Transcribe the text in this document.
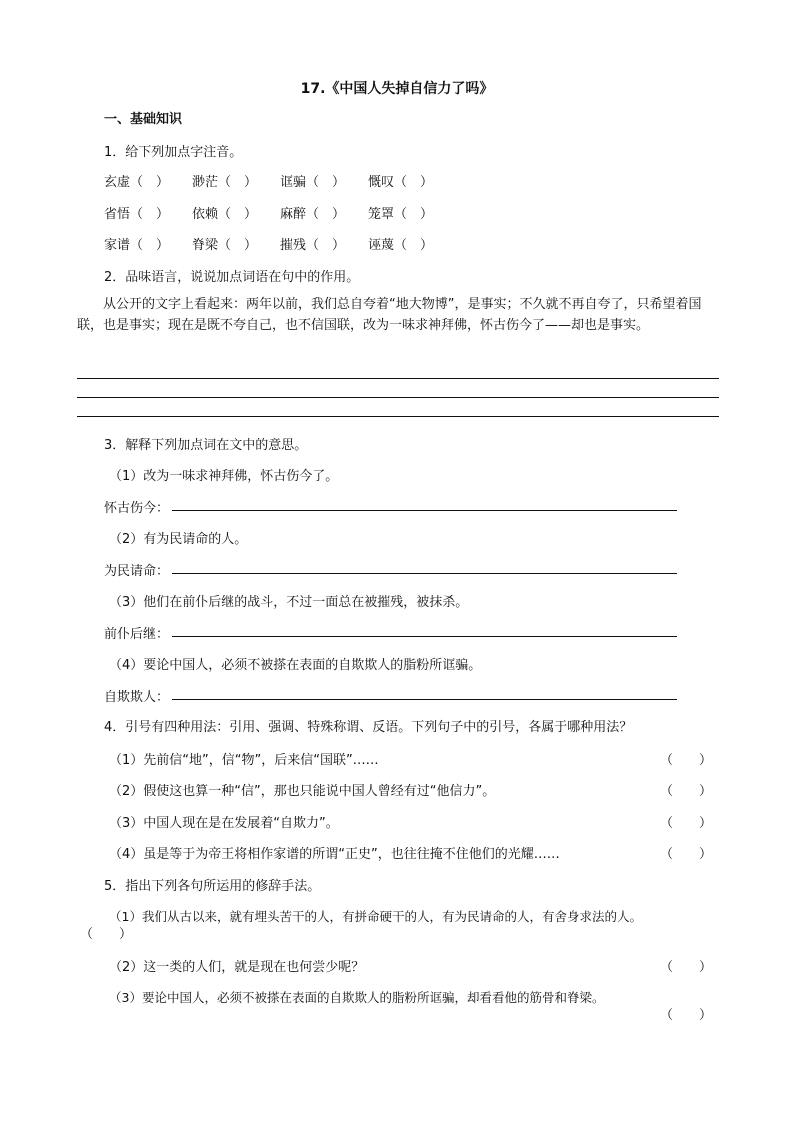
17.《中国人失掉自信力了吗》
一、基础知识
1．给下列加点字注音。
玄虚（　） 渺茫（　） 诓骗（　） 慨叹（　）
省悟（　） 依赖（　） 麻醉（　） 笼罩（　）
家谱（　） 脊梁（　） 摧残（　） 诬蔑（　）
2．品味语言，说说加点词语在句中的作用。
从公开的文字上看起来：两年以前，我们总自夸着“地大物博”，是事实；不久就不再自夸了，只希望着国联，也是事实；现在是既不夸自己，也不信国联，改为一味求神拜佛，怀古伤今了——却也是事实。
3．解释下列加点词在文中的意思。
（1）改为一味求神拜佛，怀古伤今了。
怀古伤今：
（2）有为民请命的人。
为民请命：
（3）他们在前仆后继的战斗，不过一面总在被摧残，被抹杀。
前仆后继：
（4）要论中国人，必须不被搽在表面的自欺欺人的脂粉所诓骗。
自欺欺人：
4．引号有四种用法：引用、强调、特殊称谓、反语。下列句子中的引号，各属于哪种用法？
（1）先前信“地”，信“物”，后来信“国联”……	（　　）
（2）假使这也算一种“信”，那也只能说中国人曾经有过“他信力”。	（　　）
（3）中国人现在是在发展着“自欺力”。	（　　）
（4）虽是等于为帝王将相作家谱的所谓“正史”，也往往掩不住他们的光耀……	（　　）
5．指出下列各句所运用的修辞手法。
（1）我们从古以来，就有埋头苦干的人，有拼命硬干的人，有为民请命的人，有舍身求法的人。
（　　）
（2）这一类的人们，就是现在也何尝少呢？	（　　）
（3）要论中国人，必须不被搽在表面的自欺欺人的脂粉所诓骗，却看看他的筋骨和脊梁。
（　　）
